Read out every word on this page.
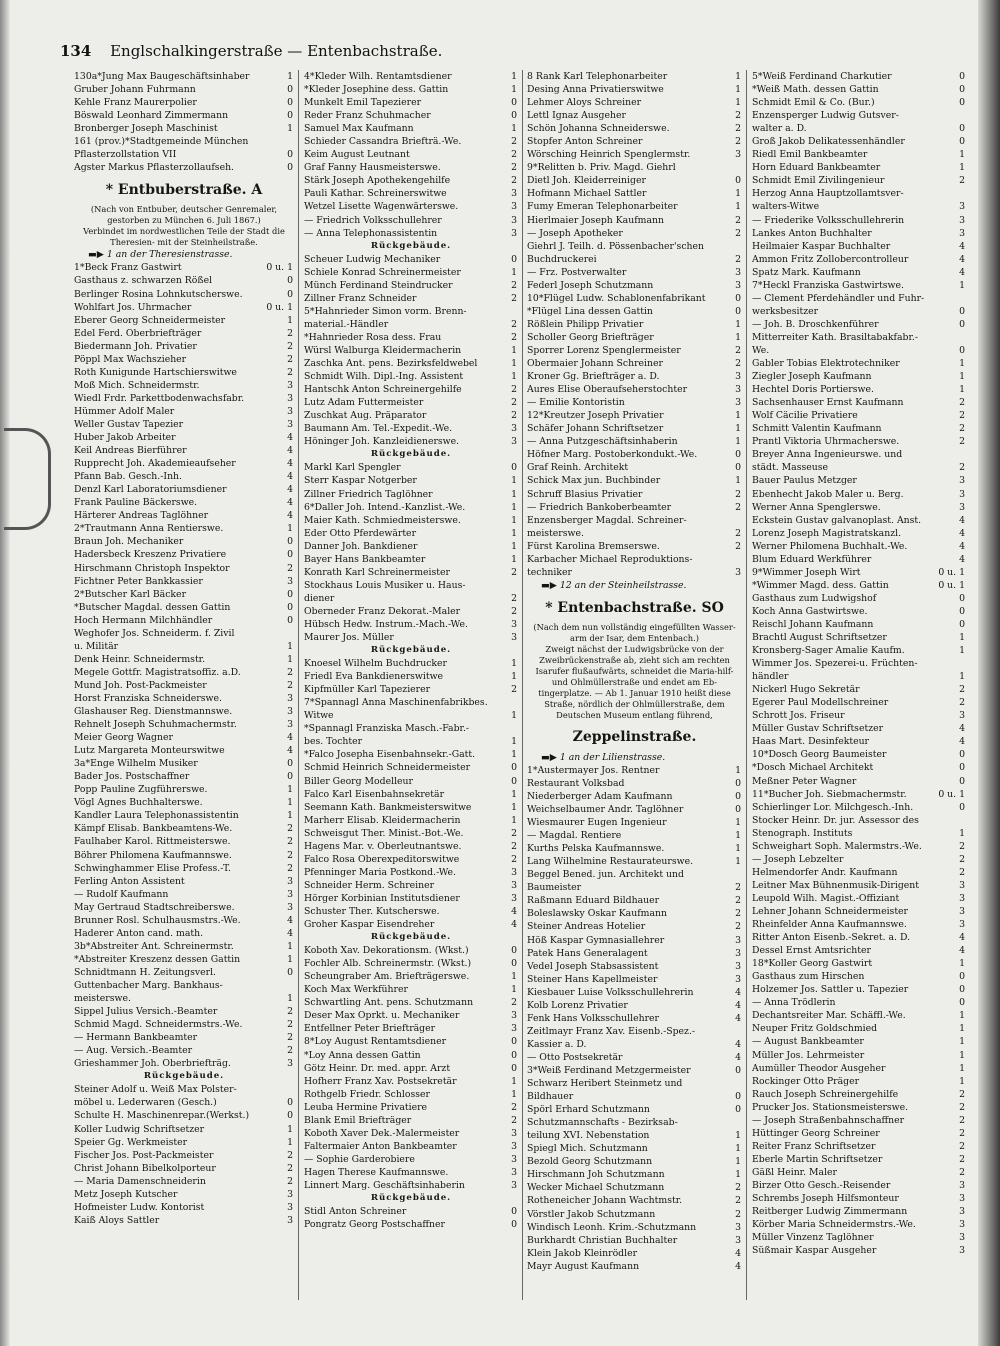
134 Englschalkingerstraße — Entenbachstraße.
130a*Jung Max Baugeschäftsinhaber	1
Gruber Johann Fuhrmann	0
Kehle Franz Maurerpolier	0
Böswald Leonhard Zimmermann	0
Bronberger Joseph Maschinist	1
161 (prov.)*Stadtgemeinde München
Pflasterzollstation VII	0
Agster Markus Pflasterzollaufseh.	0
* Entbuberstraße. A
(Nach von Entbuber, deutscher Genremaler, gestorben zu München 6. Juli 1867.)
Verbindet im nordwestlichen Teile der Stadt die Theresien- mit der Steinheilstraße.
▬▶ 1 an der Theresienstrasse.
1*Beck Franz Gastwirt	0 u. 1
Gasthaus z. schwarzen Rößel	0
Berlinger Rosina Lohnkutscherswe.	0
Wohlfart Jos. Uhrmacher	0 u. 1
Eberer Georg Schneidermeister	1
Edel Ferd. Oberbriefträger	2
Biedermann Joh. Privatier	2
Pöppl Max Wachszieher	2
Roth Kunigunde Hartschierswitwe	2
Moß Mich. Schneidermstr.	3
Wiedl Frdr. Parkettbodenwachsfabr.	3
Hümmer Adolf Maler	3
Weller Gustav Tapezier	3
Huber Jakob Arbeiter	4
Keil Andreas Bierführer	4
Rupprecht Joh. Akademieaufseher	4
Pfann Bab. Gesch.-Inh.	4
Denzl Karl Laboratoriumsdiener	4
Frank Pauline Bäckerswe.	4
Härterer Andreas Taglöhner	4
2*Trautmann Anna Rentierswe.	1
Braun Joh. Mechaniker	0
Hadersbeck Kreszenz Privatiere	0
Hirschmann Christoph Inspektor	2
Fichtner Peter Bankkassier	3
2*Butscher Karl Bäcker	0
*Butscher Magdal. dessen Gattin	0
Hoch Hermann Milchhändler	0
Weghofer Jos. Schneiderm. f. Zivil
u. Militär	1
Denk Heinr. Schneidermstr.	1
Megele Gottfr. Magistratsoffiz. a.D.	2
Mund Joh. Post-Packmeister	2
Horst Franziska Schneiderswe.	3
Glashauser Reg. Dienstmannswe.	3
Rehnelt Joseph Schuhmachermstr.	3
Meier Georg Wagner	4
Lutz Margareta Monteurswitwe	4
3a*Enge Wilhelm Musiker	0
Bader Jos. Postschaffner	0
Popp Pauline Zugführerswe.	1
Vögl Agnes Buchhalterswe.	1
Kandler Laura Telephonassistentin	1
Kämpf Elisab. Bankbeamtens-We.	2
Faulhaber Karol. Rittmeisterswe.	2
Böhrer Philomena Kaufmannswe.	2
Schwinghammer Elise Profess.-T.	2
Ferling Anton Assistent	3
— Rudolf Kaufmann	3
May Gertraud Stadtschreiberswe.	3
Brunner Rosl. Schulhausmstrs.-We.	4
Haderer Anton cand. math.	4
3b*Abstreiter Ant. Schreinermstr.	1
*Abstreiter Kreszenz dessen Gattin	1
Schnidtmann H. Zeitungsverl.	0
Guttenbacher Marg. Bankhaus-
meisterswe.	1
Sippel Julius Versich.-Beamter	2
Schmid Magd. Schneidermstrs.-We.	2
— Hermann Bankbeamter	2
— Aug. Versich.-Beamter	2
Grieshammer Joh. Oberbriefträg.	3
Rückgebäude.
Steiner Adolf u. Weiß Max Polster-
möbel u. Lederwaren (Gesch.)	0
Schulte H. Maschinenrepar.(Werkst.)	0
Koller Ludwig Schriftsetzer	1
Speier Gg. Werkmeister	1
Fischer Jos. Post-Packmeister	2
Christ Johann Bibelkolporteur	2
— Maria Damenschneiderin	2
Metz Joseph Kutscher	3
Hofmeister Ludw. Kontorist	3
Kaiß Aloys Sattler	3
4*Kleder Wilh. Rentamtsdiener	1
*Kleder Josephine dess. Gattin	1
Munkelt Emil Tapezierer	0
Reder Franz Schuhmacher	0
Samuel Max Kaufmann	1
Schieder Cassandra Briefträ.-We.	2
Keim August Leutnant	2
Graf Fanny Hausmeisterswe.	2
Stärk Joseph Apothekengehilfe	2
Pauli Kathar. Schreinerswitwe	3
Wetzel Lisette Wagenwärterswe.	3
— Friedrich Volksschullehrer	3
— Anna Telephonassistentin	3
Rückgebäude.
Scheuer Ludwig Mechaniker	0
Schiele Konrad Schreinermeister	1
Münch Ferdinand Steindrucker	2
Zillner Franz Schneider	2
5*Hahnrieder Simon vorm. Brenn-
material.-Händler	2
*Hahnrieder Rosa dess. Frau	2
Würsl Walburga Kleidermacherin	1
Zaschka Ant. pens. Bezirksfeldwebel	1
Schmidt Wilh. Dipl.-Ing. Assistent	1
Hantschk Anton Schreinergehilfe	2
Lutz Adam Futtermeister	2
Zuschkat Aug. Präparator	2
Baumann Am. Tel.-Expedit.-We.	3
Höninger Joh. Kanzleidienerswe.	3
Rückgebäude.
Markl Karl Spengler	0
Sterr Kaspar Notgerber	1
Zillner Friedrich Taglöhner	1
6*Daller Joh. Intend.-Kanzlist.-We.	1
Maier Kath. Schmiedmeisterswe.	1
Eder Otto Pferdewärter	1
Danner Joh. Bankdiener	1
Bayer Hans Bankbeamter	1
Konrath Karl Schreinermeister	2
Stockhaus Louis Musiker u. Haus-
diener	2
Oberneder Franz Dekorat.-Maler	2
Hübsch Hedw. Instrum.-Mach.-We.	3
Maurer Jos. Müller	3
Rückgebäude.
Knoesel Wilhelm Buchdrucker	1
Friedl Eva Bankdienerswitwe	1
Kipfmüller Karl Tapezierer	2
7*Spannagl Anna Maschinenfabrikbes.
Witwe	1
*Spannagl Franziska Masch.-Fabr.-
bes. Tochter	1
*Falco Josepha Eisenbahnsekr.-Gatt.	1
Schmid Heinrich Schneidermeister	0
Biller Georg Modelleur	0
Falco Karl Eisenbahnsekretär	1
Seemann Kath. Bankmeisterswitwe	1
Marherr Elisab. Kleidermacherin	1
Schweisgut Ther. Minist.-Bot.-We.	2
Hagens Mar. v. Oberleutnantswe.	2
Falco Rosa Oberexpeditorswitwe	2
Pfenninger Maria Postkond.-We.	3
Schneider Herm. Schreiner	3
Hörger Korbinian Institutsdiener	3
Schuster Ther. Kutscherswe.	4
Groher Kaspar Eisendreher	4
Rückgebäude.
Koboth Xav. Dekorationsm. (Wkst.)	0
Fochler Alb. Schreinermstr. (Wkst.)	0
Scheungraber Am. Briefträgerswe.	1
Koch Max Werkführer	1
Schwartling Ant. pens. Schutzmann	2
Deser Max Oprkt. u. Mechaniker	3
Entfellner Peter Briefträger	3
8*Loy August Rentamtsdiener	0
*Loy Anna dessen Gattin	0
Götz Heinr. Dr. med. appr. Arzt	0
Hofherr Franz Xav. Postsekretär	1
Rothgelb Friedr. Schlosser	1
Leuba Hermine Privatiere	2
Blank Emil Briefträger	2
Koboth Xaver Dek.-Malermeister	3
Faltermaier Anton Bankbeamter	3
— Sophie Garderobiere	3
Hagen Therese Kaufmannswe.	3
Linnert Marg. Geschäftsinhaberin	3
Rückgebäude.
Stidl Anton Schreiner	0
Pongratz Georg Postschaffner	0
8 Rank Karl Telephonarbeiter	1
Desing Anna Privatierswitwe	1
Lehmer Aloys Schreiner	1
Lettl Ignaz Ausgeher	2
Schön Johanna Schneiderswe.	2
Stopfer Anton Schreiner	2
Wörsching Heinrich Spenglermstr.	3
9*Relitten b. Priv. Magd. Giehrl
Dietl Joh. Kleiderreiniger	0
Hofmann Michael Sattler	1
Fumy Emeran Telephonarbeiter	1
Hierlmaier Joseph Kaufmann	2
— Joseph Apotheker	2
Giehrl J. Teilh. d. Pössenbacher'schen
Buchdruckerei	2
— Frz. Postverwalter	3
Federl Joseph Schutzmann	3
10*Flügel Ludw. Schablonenfabrikant	0
*Flügel Lina dessen Gattin	0
Rößlein Philipp Privatier	1
Scholler Georg Briefträger	1
Sporrer Lorenz Spenglermeister	2
Obermaier Johann Schreiner	2
Kroner Gg. Briefträger a. D.	3
Aures Elise Oberaufseherstochter	3
— Emilie Kontoristin	3
12*Kreutzer Joseph Privatier	1
Schäfer Johann Schriftsetzer	1
— Anna Putzgeschäftsinhaberin	1
Höfner Marg. Postoberkondukt.-We.	0
Graf Reinh. Architekt	0
Schick Max jun. Buchbinder	1
Schruff Blasius Privatier	2
— Friedrich Bankoberbeamter	2
Enzensberger Magdal. Schreiner-
meisterswe.	2
Fürst Karolina Bremserswe.	2
Karbacher Michael Reproduktions-
techniker	3
▬▶ 12 an der Steinheilstrasse.
* Entenbachstraße. SO
(Nach dem nun vollständig eingefüllten Wasser-arm der Isar, dem Entenbach.)
Zweigt nächst der Ludwigsbrücke von der Zweibrückenstraße ab, zieht sich am rechten Isarufer flußaufwärts, schneidet die Maria-hilf- und Ohlmüllerstraße und endet am Eb-tingerplatze. — Ab 1. Januar 1910 heißt diese Straße, nördlich der Ohlmüllerstraße, dem Deutschen Museum entlang führend,
Zeppelinstraße.
▬▶ 1 an der Lilienstrasse.
1*Austermayer Jos. Rentner	1
Restaurant Volksbad	0
Niederberger Adam Kaufmann	0
Weichselbaumer Andr. Taglöhner	0
Wiesmaurer Eugen Ingenieur	1
— Magdal. Rentiere	1
Kurths Pelska Kaufmannswe.	1
Lang Wilhelmine Restaurateurswe.	1
Beggel Bened. jun. Architekt und
Baumeister	2
Raßmann Eduard Bildhauer	2
Boleslawsky Oskar Kaufmann	2
Steiner Andreas Hotelier	2
Höß Kaspar Gymnasiallehrer	3
Patek Hans Generalagent	3
Vedel Joseph Stabsassistent	3
Steiner Hans Kapellmeister	3
Kiesbauer Luise Volksschullehrerin	4
Kolb Lorenz Privatier	4
Fenk Hans Volksschullehrer	4
Zeitlmayr Franz Xav. Eisenb.-Spez.-
Kassier a. D.	4
— Otto Postsekretär	4
3*Weiß Ferdinand Metzgermeister	0
Schwarz Heribert Steinmetz und
Bildhauer	0
Spörl Erhard Schutzmann	0
Schutzmannschafts - Bezirksab-
teilung XVI. Nebenstation	1
Spiegl Mich. Schutzmann	1
Bezold Georg Schutzmann	1
Hirschmann Joh Schutzmann	1
Wecker Michael Schutzmann	2
Rotheneicher Johann Wachtmstr.	2
Vörstler Jakob Schutzmann	2
Windisch Leonh. Krim.-Schutzmann	3
Burkhardt Christian Buchhalter	3
Klein Jakob Kleinrödler	4
Mayr August Kaufmann	4
5*Weiß Ferdinand Charkutier	0
*Weiß Math. dessen Gattin	0
Schmidt Emil & Co. (Bur.)	0
Enzensperger Ludwig Gutsver-
walter a. D.	0
Groß Jakob Delikatessenhändler	0
Riedl Emil Bankbeamter	1
Horn Eduard Bankbeamter	1
Schmidt Emil Zivilingenieur	2
Herzog Anna Hauptzollamtsver-
walters-Witwe	3
— Friederike Volksschullehrerin	3
Lankes Anton Buchhalter	3
Heilmaier Kaspar Buchhalter	4
Ammon Fritz Zollobercontrolleur	4
Spatz Mark. Kaufmann	4
7*Heckl Franziska Gastwirtswe.	1
— Clement Pferdehändler und Fuhr-
werksbesitzer	0
— Joh. B. Droschkenführer	0
Mitterreiter Kath. Brasiltabakfabr.-
We.	0
Gabler Tobias Elektrotechniker	1
Ziegler Joseph Kaufmann	1
Hechtel Doris Portierswe.	1
Sachsenhauser Ernst Kaufmann	2
Wolf Cäcilie Privatiere	2
Schmitt Valentin Kaufmann	2
Prantl Viktoria Uhrmacherswe.	2
Breyer Anna Ingenieurswe. und
städt. Masseuse	2
Bauer Paulus Metzger	3
Ebenhecht Jakob Maler u. Berg.	3
Werner Anna Spenglerswe.	3
Eckstein Gustav galvanoplast. Anst.	4
Lorenz Joseph Magistratskanzl.	4
Werner Philomena Buchhalt.-We.	4
Blum Eduard Werkführer	4
9*Wimmer Joseph Wirt	0 u. 1
*Wimmer Magd. dess. Gattin	0 u. 1
Gasthaus zum Ludwigshof	0
Koch Anna Gastwirtswe.	0
Reischl Johann Kaufmann	0
Brachtl August Schriftsetzer	1
Kronsberg-Sager Amalie Kaufm.	1
Wimmer Jos. Spezerei-u. Früchten-
händler	1
Nickerl Hugo Sekretär	2
Egerer Paul Modellschreiner	2
Schrott Jos. Friseur	3
Müller Gustav Schriftsetzer	4
Haas Mart. Desinfekteur	4
10*Dosch Georg Baumeister	0
*Dosch Michael Architekt	0
Meßner Peter Wagner	0
11*Bucher Joh. Siebmachermstr.	0 u. 1
Schierlinger Lor. Milchgesch.-Inh.	0
Stocker Heinr. Dr. jur. Assessor des
Stenograph. Instituts	1
Schweighart Soph. Malermstrs.-We.	2
— Joseph Lebzelter	2
Helmendorfer Andr. Kaufmann	2
Leitner Max Bühnenmusik-Dirigent	3
Leupold Wilh. Magist.-Offiziant	3
Lehner Johann Schneidermeister	3
Rheinfelder Anna Kaufmannswe.	3
Ritter Anton Eisenb.-Sekret. a. D.	4
Dessel Ernst Amtsrichter	4
18*Koller Georg Gastwirt	1
Gasthaus zum Hirschen	0
Holzemer Jos. Sattler u. Tapezier	0
— Anna Trödlerin	0
Dechantsreiter Mar. Schäffl.-We.	1
Neuper Fritz Goldschmied	1
— August Bankbeamter	1
Müller Jos. Lehrmeister	1
Aumüller Theodor Ausgeher	1
Rockinger Otto Präger	1
Rauch Joseph Schreinergehilfe	2
Prucker Jos. Stationsmeisterswe.	2
— Joseph Straßenbahnschaffner	2
Hüttinger Georg Schreiner	2
Reiter Franz Schriftsetzer	2
Eberle Martin Schriftsetzer	2
Gäßl Heinr. Maler	2
Birzer Otto Gesch.-Reisender	3
Schrembs Joseph Hilfsmonteur	3
Reitberger Ludwig Zimmermann	3
Körber Maria Schneidermstrs.-We.	3
Müller Vinzenz Taglöhner	3
Süßmair Kaspar Ausgeher	3
